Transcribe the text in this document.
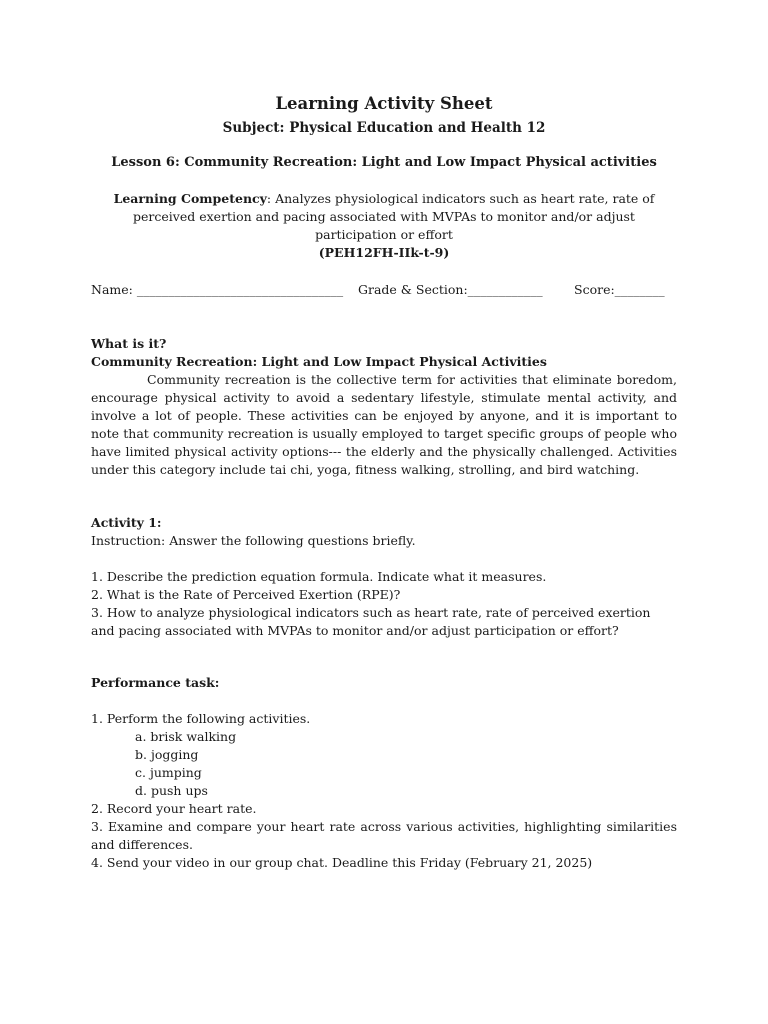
Learning Activity Sheet
Subject: Physical Education and Health 12
Lesson 6: Community Recreation: Light and Low Impact Physical activities
Learning Competency: Analyzes physiological indicators such as heart rate, rate of perceived exertion and pacing associated with MVPAs to monitor and/or adjust participation or effort
(PEH12FH-IIk-t-9)
Name: _________________________________	Grade & Section:____________	Score:________
What is it?
Community Recreation: Light and Low Impact Physical Activities
Community recreation is the collective term for activities that eliminate boredom, encourage physical activity to avoid a sedentary lifestyle, stimulate mental activity, and involve a lot of people. These activities can be enjoyed by anyone, and it is important to note that community recreation is usually employed to target specific groups of people who have limited physical activity options--- the elderly and the physically challenged. Activities under this category include tai chi, yoga, fitness walking, strolling, and bird watching.
Activity 1:
Instruction: Answer the following questions briefly.
1. Describe the prediction equation formula. Indicate what it measures.
2. What is the Rate of Perceived Exertion (RPE)?
3. How to analyze physiological indicators such as heart rate, rate of perceived exertion and pacing associated with MVPAs to monitor and/or adjust participation or effort?
Performance task:
1. Perform the following activities.
a. brisk walking
b. jogging
c. jumping
d. push ups
2. Record your heart rate.
3. Examine and compare your heart rate across various activities, highlighting similarities and differences.
4. Send your video in our group chat. Deadline this Friday (February 21, 2025)
